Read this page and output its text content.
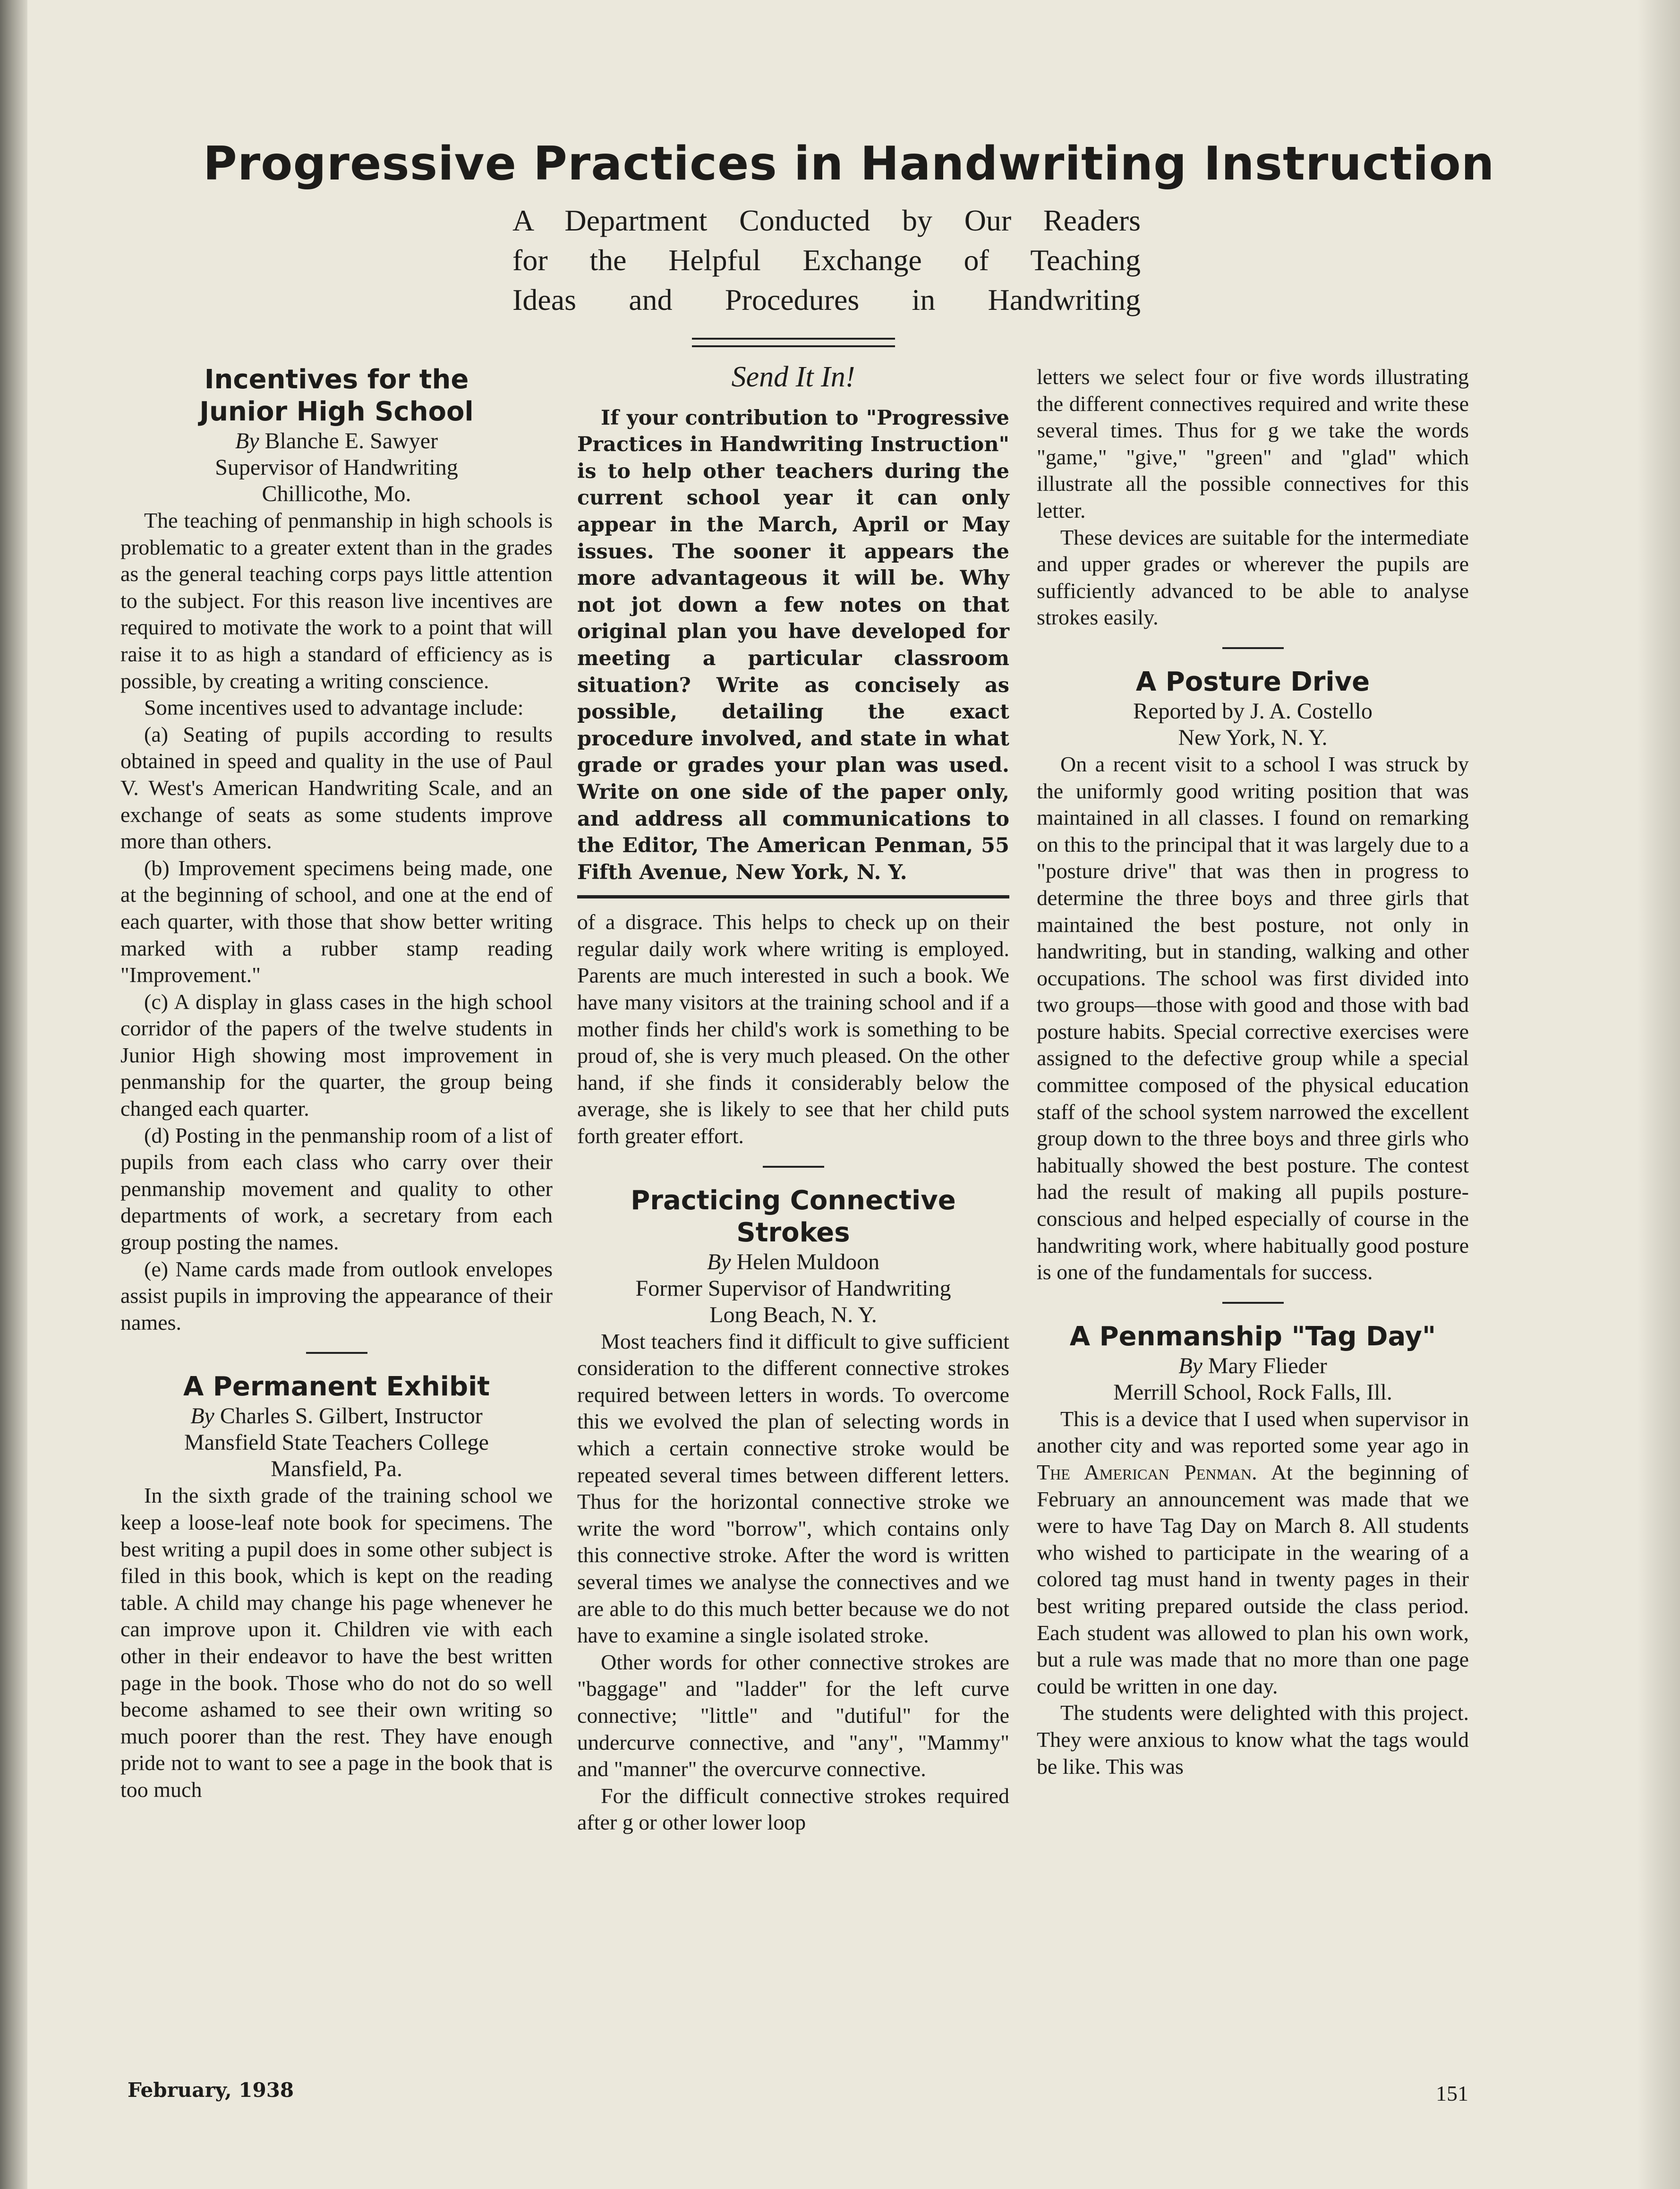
Progressive Practices in Handwriting Instruction
A Department Conducted by Our Readers
for the Helpful Exchange of Teaching
Ideas and Procedures in Handwriting
Incentives for the
Junior High School
By Blanche E. Sawyer
Supervisor of Handwriting
Chillicothe, Mo.

The teaching of penmanship in high schools is problematic to a greater extent than in the grades as the general teaching corps pays little attention to the subject. For this reason live incentives are required to motivate the work to a point that will raise it to as high a standard of efficiency as is possible, by creating a writing conscience.

Some incentives used to advantage include:

(a) Seating of pupils according to results obtained in speed and quality in the use of Paul V. West's American Handwriting Scale, and an exchange of seats as some students improve more than others.

(b) Improvement specimens being made, one at the beginning of school, and one at the end of each quarter, with those that show better writing marked with a rubber stamp reading "Improvement."

(c) A display in glass cases in the high school corridor of the papers of the twelve students in Junior High showing most improvement in penmanship for the quarter, the group being changed each quarter.

(d) Posting in the penmanship room of a list of pupils from each class who carry over their penmanship movement and quality to other departments of work, a secretary from each group posting the names.

(e) Name cards made from outlook envelopes assist pupils in improving the appearance of their names.

A Permanent Exhibit
By Charles S. Gilbert, Instructor
Mansfield State Teachers College
Mansfield, Pa.

In the sixth grade of the training school we keep a loose-leaf note book for specimens. The best writing a pupil does in some other subject is filed in this book, which is kept on the reading table. A child may change his page whenever he can improve upon it. Children vie with each other in their endeavor to have the best written page in the book. Those who do not do so well become ashamed to see their own writing so much poorer than the rest. They have enough pride not to want to see a page in the book that is too much

Send It In!

If your contribution to "Progressive Practices in Handwriting Instruction" is to help other teachers during the current school year it can only appear in the March, April or May issues. The sooner it appears the more advantageous it will be. Why not jot down a few notes on that original plan you have developed for meeting a particular classroom situation? Write as concisely as possible, detailing the exact procedure involved, and state in what grade or grades your plan was used. Write on one side of the paper only, and address all communications to the Editor, The American Penman, 55 Fifth Avenue, New York, N. Y.

of a disgrace. This helps to check up on their regular daily work where writing is employed. Parents are much interested in such a book. We have many visitors at the training school and if a mother finds her child's work is something to be proud of, she is very much pleased. On the other hand, if she finds it considerably below the average, she is likely to see that her child puts forth greater effort.

Practicing Connective
Strokes
By Helen Muldoon
Former Supervisor of Handwriting
Long Beach, N. Y.

Most teachers find it difficult to give sufficient consideration to the different connective strokes required between letters in words. To overcome this we evolved the plan of selecting words in which a certain connective stroke would be repeated several times between different letters. Thus for the horizontal connective stroke we write the word "borrow", which contains only this connective stroke. After the word is written several times we analyse the connectives and we are able to do this much better because we do not have to examine a single isolated stroke.

Other words for other connective strokes are "baggage" and "ladder" for the left curve connective; "little" and "dutiful" for the undercurve connective, and "any", "Mammy" and "manner" the overcurve connective.

For the difficult connective strokes required after g or other lower loop

letters we select four or five words illustrating the different connectives required and write these several times. Thus for g we take the words "game," "give," "green" and "glad" which illustrate all the possible connectives for this letter.

These devices are suitable for the intermediate and upper grades or wherever the pupils are sufficiently advanced to be able to analyse strokes easily.

A Posture Drive
Reported by J. A. Costello
New York, N. Y.

On a recent visit to a school I was struck by the uniformly good writing position that was maintained in all classes. I found on remarking on this to the principal that it was largely due to a "posture drive" that was then in progress to determine the three boys and three girls that maintained the best posture, not only in handwriting, but in standing, walking and other occupations. The school was first divided into two groups—those with good and those with bad posture habits. Special corrective exercises were assigned to the defective group while a special committee composed of the physical education staff of the school system narrowed the excellent group down to the three boys and three girls who habitually showed the best posture. The contest had the result of making all pupils posture-conscious and helped especially of course in the handwriting work, where habitually good posture is one of the fundamentals for success.

A Penmanship "Tag Day"
By Mary Flieder
Merrill School, Rock Falls, Ill.

This is a device that I used when supervisor in another city and was reported some year ago in The American Penman. At the beginning of February an announcement was made that we were to have Tag Day on March 8. All students who wished to participate in the wearing of a colored tag must hand in twenty pages in their best writing prepared outside the class period. Each student was allowed to plan his own work, but a rule was made that no more than one page could be written in one day.

The students were delighted with this project. They were anxious to know what the tags would be like. This was

February, 1938	151
